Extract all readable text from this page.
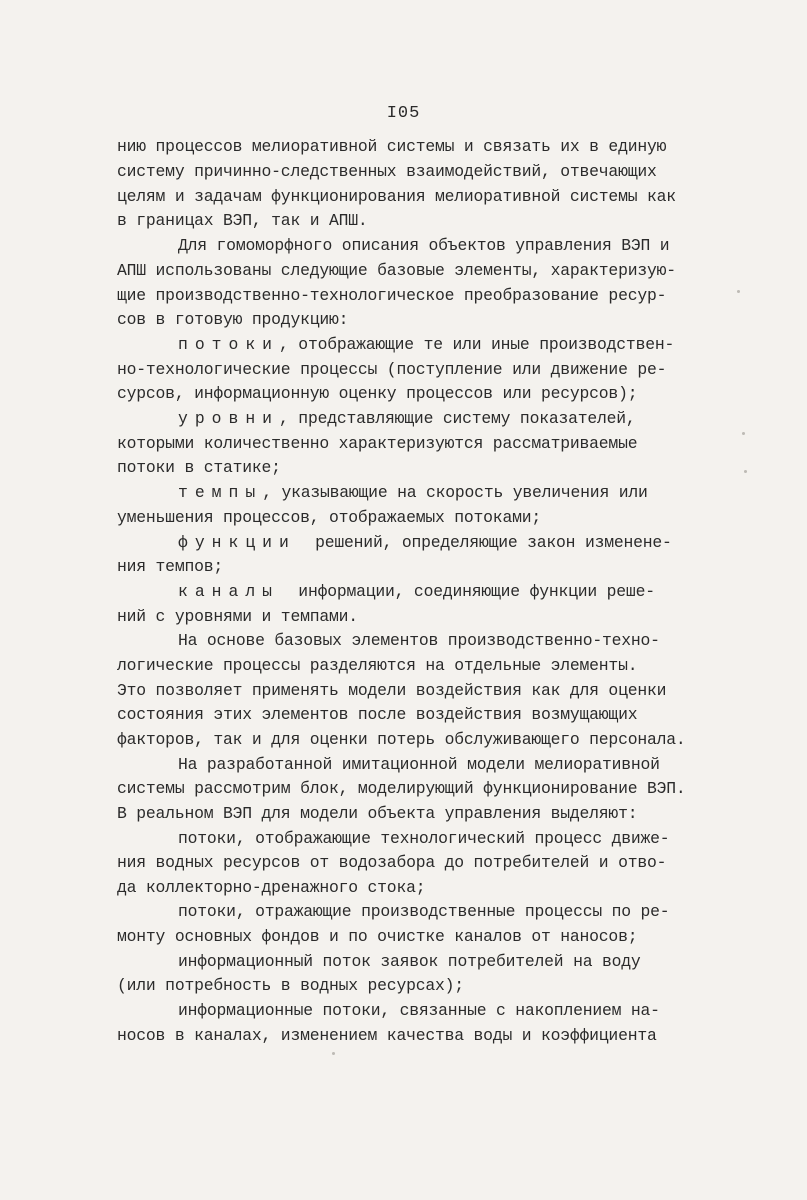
I05
нию процессов мелиоративной системы и связать их в единую
систему причинно-следственных взаимодействий, отвечающих
целям и задачам функционирования мелиоративной системы как
в границах ВЭП, так и АПШ.
Для гомоморфного описания объектов управления ВЭП и
АПШ использованы следующие базовые элементы, характеризую-
щие производственно-технологическое преобразование ресур-
сов в готовую продукцию:
потоки, отображающие те или иные производствен-
но-технологические процессы (поступление или движение ре-
сурсов, информационную оценку процессов или ресурсов);
уровни, представляющие систему показателей,
которыми количественно характеризуются рассматриваемые
потоки в статике;
темпы, указывающие на скорость увеличения или
уменьшения процессов, отображаемых потоками;
функции  решений, определяющие закон изменене-
ния темпов;
каналы  информации, соединяющие функции реше-
ний с уровнями и темпами.
На основе базовых элементов производственно-техно-
логические процессы разделяются на отдельные элементы.
Это позволяет применять модели воздействия как для оценки
состояния этих элементов после воздействия возмущающих
факторов, так и для оценки потерь обслуживающего персонала.
На разработанной имитационной модели мелиоративной
системы рассмотрим блок, моделирующий функционирование ВЭП.
В реальном ВЭП для модели объекта управления выделяют:
потоки, отображающие технологический процесс движе-
ния водных ресурсов от водозабора до потребителей и отво-
да коллекторно-дренажного стока;
потоки, отражающие производственные процессы по ре-
монту основных фондов и по очистке каналов от наносов;
информационный поток заявок потребителей на воду
(или потребность в водных ресурсах);
информационные потоки, связанные с накоплением на-
носов в каналах, изменением качества воды и коэффициента
